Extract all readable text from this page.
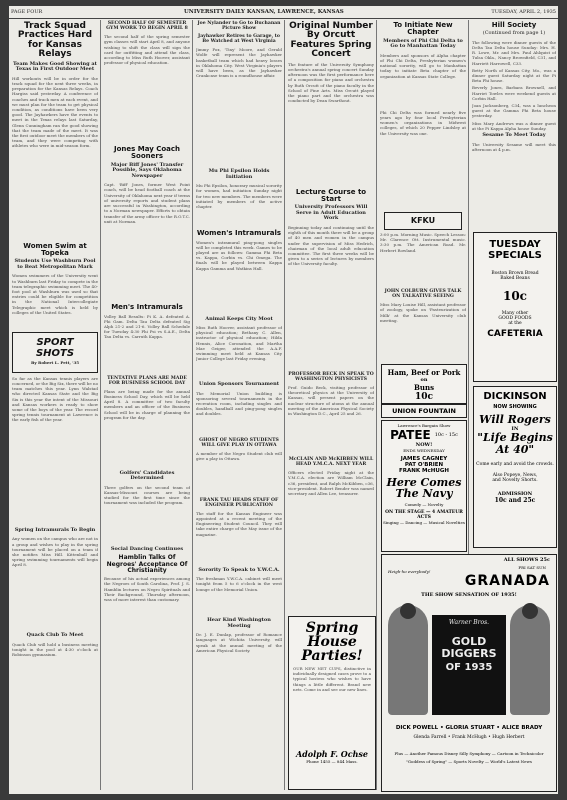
PAGE FOUR	UNIVERSITY DAILY KANSAN, LAWRENCE, KANSAS	TUESDAY, APRIL 2, 1935
Track Squad Practices Hard for Kansas Relays
Team Makes Good Showing at Texas in First Outdoor Meet

Hill workouts will be in order for the track squad for the next three weeks, in preparation for the Kansas Relays. Coach Hargiss said yesterday. A conference of coaches and track men at each event, and we must plan for the team to get physical condition, as conditions have been very good. The Jayhawkers have the events to meet in the Texas relays last Saturday, Glenn Cunningham ran the good showing that the team made of the meet. It was the first outdoor meet the members of the team, and they were competing with athletes who were in mid-season form.

Women Swim at Topeka
Students Use Washburn Pool to Beat Metropolitan Mark

Women swimmers of the University went to Washburn last Friday to compete in the team telegraphic swimming meet. The 40-foot pool at Washburn was used so that entries could be eligible for competition in the National Intercollegiate Telegraphic meet which is held by colleges of the United States.

SPORT SHOTS
By Robert L. Pett, '35

So far as the Kansas tennis players are concerned, or the Big Six, there will be no team matches this year. Lynn Walstad who directed Kansas State and the Big Six is this year the intent of the Missouri and Kansas workers is ready to show some of the boys of the year. The record spring tennis tournament at Lawrence is the early fish of the year.

Spring Intramurals To Begin

Any women on the campus who are not in a group and wishes to play in the spring tournament will be placed on a team if she notifies Miss Hill. Kittenball and spring swimming tournaments will begin April 8.

Quack Club To Meet

Quack Club will hold a business meeting tonight in the pool at 4:30 o'clock at Robinson gymnasium.

SECOND HALF OF SEMESTER GYM WORK TO BEGIN APRIL 8

The second half of the spring semester gym classes will start April 8, and anyone wishing to shift the class will sign the card for outfitting and attend the class, according to Miss Ruth Hoover, assistant professor of physical education.

Jones May Coach Sooners
Major Biff Jones' Transfer Possible, Says Oklahoma Newspaper

Capt. 'Biff' Jones, former West Point coach, will be head football coach at the University of Oklahoma next year if terms of university reports and student plans are successful in Washington, according to a Norman newspaper. Efforts to obtain transfer of the army officer to the R.O.T.C. unit at Norman.

Men's Intramurals

Volley Ball Results: Pi K. A. defeated A. Phi Gam. Delta Tau Delta defeated Sig Alph 21-2 and 21-6. Volley Ball Schedule for Tuesday 4:30 Phi Psi vs S.A.E., Delta Tau Delta vs. Carruth Kappa.

TENTATIVE PLANS ARE MADE FOR BUSINESS SCHOOL DAY

Plans are being made for the annual Business School Day, which will be held April 8. A committee of two faculty members and an officer of the Business School will be in charge of planning the program for the day.

Golfers' Candidates Determined

Three golfers on the second team of Kansas-Missouri courses are being studied for the first time since the tournament was included the program.

Social Dancing Continues
Hamblin Talks Of Negroes' Acceptance Of Christianity

Because of his actual experiences among the Negroes of South Carolina, Prof. J. S. Hamblin lectures on Negro Spirituals and Their Background, Thursday afternoon, was of more interest than customary.

Joe Nylander to Go to Buchanan Picture Show
Jayhawker Retires to Garage, to Be Watched at West Virginia

Jimmy Fox, 'Tiny' Moore, and Gerald Wolfe will represent the Jayhawker basketball team which had heavy losses in Oklahoma City. West Virginia's players will have been, as the Jayhawker Crankcase team is a roundhouse affair.

Mu Phi Epsilon Holds Initiation

Mu Phi Epsilon, honorary musical sorority for women, had initiation Sunday night for two new members. The members were initiated by members of the active chapter.

Women's Intramurals

Women's intramural ping-pong singles will be completed this week. Games to be played are as follows: Gamma Phi Beta vs. Kappa, Corbin vs. Chi Omega. The finals will be played between Kappa Kappa Gamma and Watkins Hall.

Animal Keeps City Moot

Miss Ruth Hoover, assistant professor of physical education; Bethany C. Allen, instructor of physical education; Hilda Hennis, Alice Coronation, and Martha Mae Geiger, attended the A.A.F. swimming meet held at Kansas City Junior College last Friday evening.

Union Sponsors Tournament

The Memorial Union building is sponsoring several tournaments in the recreation room, including singles and doubles, handball and ping-pong singles and doubles.

GHOST OF NEGRO STUDENTS WILL GIVE PLAY IN OTTAWA

A member of the Negro Student club will give a play in Ottawa.

FRANK TAU HEADS STAFF OF ENGINEER PUBLICATION

The staff for the Kansas Engineer was appointed at a recent meeting of the Engineering Student Council. They will take entire charge of the May issue of the magazine.

Sorority To Speak to Y.W.C.A.

The freshman Y.W.C.A. cabinet will meet tonight from 5 to 6 o'clock in the west lounge of the Memorial Union.

Hear Kind Washington Meeting

Dr. J. E. Dunlap, professor of Romance languages at Wichita University, will speak at the annual meeting of the American Physical Society.

Original Number By Orcutt Features Spring Concert

The feature of the University Symphony orchestra's annual spring concert Sunday afternoon was the first performance here of a composition for piano and orchestra by Ruth Orcutt of the piano faculty in the School of Fine Arts. Miss Orcutt played the piano part and the orchestra was conducted by Dean Swarthout.

Lecture Course to Start
University Professors Will Serve in Adult Education Work

Beginning today and continuing until the eighth of this month there will be a group of 40 men and women in the campus under the supervision of Miss Hedrich, chairman of the local adult education committee. The first three weeks will be given to a series of lectures by members of the University faculty.

PROFESSOR BECK IN SPEAK TO WASHINGTON PHYSICISTS

Prof. Guido Beck, visiting professor of theoretical physics at the University of Kansas, will present papers on the nuclear structure of atoms at the annual meeting of the American Physical Society in Washington D.C., April 25 and 26.

McCLAIN AND McKIBBEN WILL HEAD Y.M.C.A. NEXT YEAR

Officers elected Friday night at the Y.M.C.A. election are William McClain, c36, president, and Ralph McKibben, c36, vice-president. Robert Bender was named secretary and Allen Lee, treasurer.

Spring
House
Parties!

OUR NEW NET CUPS, distinctive in individually designed cases prove to a typical hostess who wishes to have things a little different. Brand new nets. Come in and see our new lines.

Adolph F. Ochse
Phone 1455 — 844 Mass.
To Initiate New Chapter
Members of Phi Chi Delta to Go to Manhattan Today

Members and sponsors of Alpha chapter of Phi Chi Delta, Presbyterian women's national sorority, will go to Manhattan today to initiate Beta chapter of the organization at Kansas State College.

Phi Chi Delta was formed nearly five years ago by four local Presbyterian women's organizations in Midwest colleges, of which 20 Pepper Lindsley at the University was one.

KFKU

3:00 p.m. Morning Music. Speech Lesson: Mr. Clarence Ott. Instrumental music. 3:30 p.m. The American Road. Mr. Herbert Rowland.

JOHN COLBURN GIVES TALK ON TALKATIVE SEEING

Miss Mary Louise Hill, assistant professor of zoology, spoke on 'Pasteurization of Milk' at the Kansas University club meeting.

Ham, Beef or Pork
on
Buns
10c
UNION FOUNTAIN
Lawrence's Bargain Show
PATEE 10c - 15c
NOW!
ENDS WEDNESDAY
JAMES CAGNEY
PAT O'BRIEN
FRANK McHUGH
Here Comes The Navy
Comedy — Novelty
ON THE STAGE — 4 AMATEUR ACTS
Singing — Dancing — Musical Novelties
Hill Society
(Continued from page 1)

The following were dinner guests of the Delta Tau Delta house Sunday: Mrs. H. R. Lowe, Mr. and Mrs. Paul Ahlquist of Tulsa Okla., Nancy Brownfield, C31, and Harriett Harrowell, C33.

Betty North of Kansas City, Mo., was a dinner guest Saturday night at the Pi Beta Phi house.

Beverly Jones, Barbara Brownell, and Harriet Towles were weekend guests at Corbin Hall.

Joan Jacksonberg, C34, was a luncheon guest at the Gamma Phi Beta house yesterday.

Miss Mary Andrews was a dinner guest at the Pi Kappa Alpha house Sunday.

Sesame To Meet Today

The University Sesame will meet this afternoon at 4 p.m.

TUESDAY
SPECIALS
Boston Brown Bread
Baked Beans
10c
Many other
GOOD FOODS
at the
CAFETERIA
DICKINSON
NOW SHOWING
Will Rogers
IN
"Life Begins At 40"
Come early and avoid the crowds.
Also Popeye, News,
and Novelty Shorts.
ADMISSION
10c and 25c
ALL SHOWS 25c
FRI SAT SUN
Heigh-ho everybody!
GRANADA
THE SHOW SENSATION OF 1935!
Warner Bros.
GOLD DIGGERS
OF 1935
DICK POWELL • GLORIA STUART • ALICE BRADY
Glenda Farrell • Frank McHugh • Hugh Herbert
Plus — Another Famous Disney Silly Symphony — Cartoon in Technicolor
"Goddess of Spring" — Sports Novelty — World's Latest News
